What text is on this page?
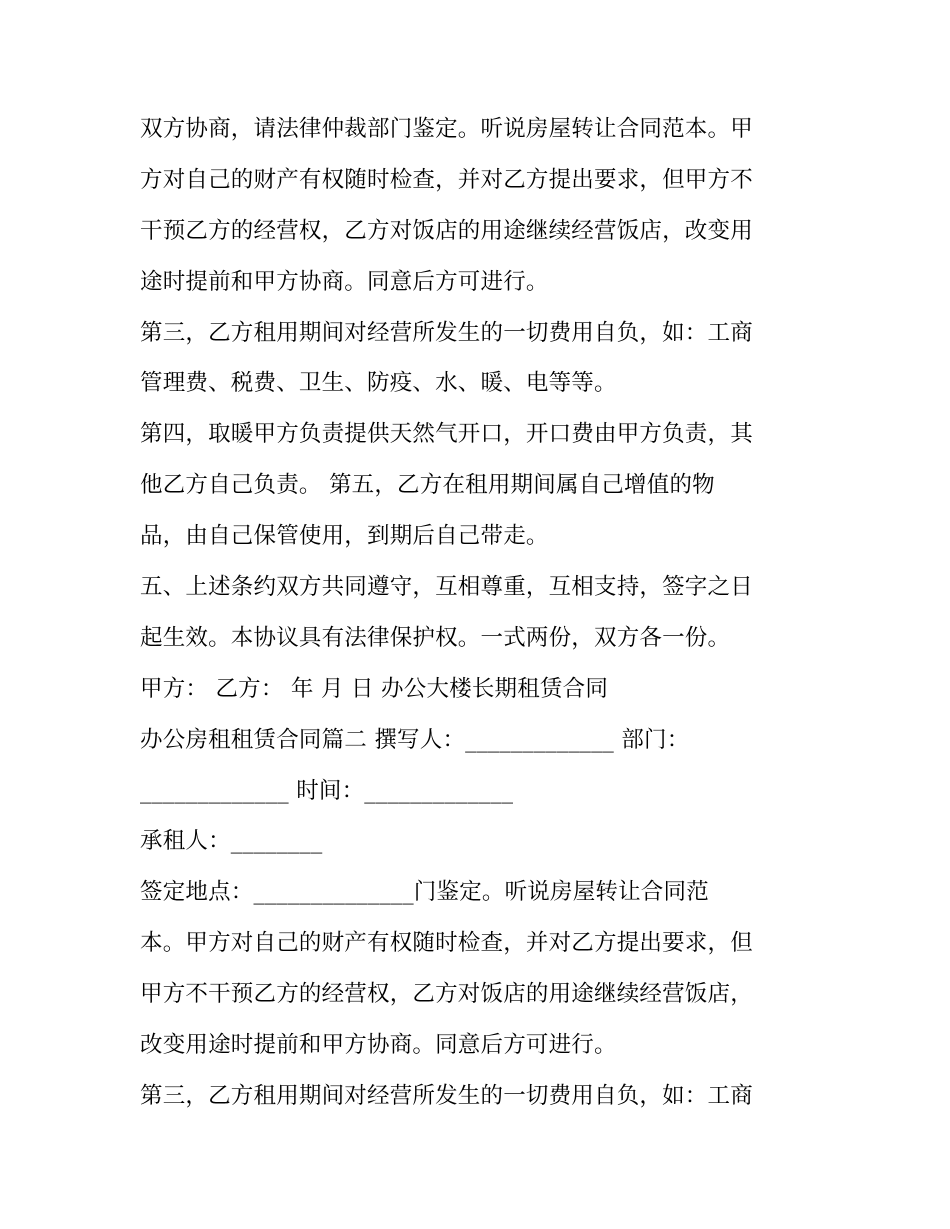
双方协商，请法律仲裁部门鉴定。听说房屋转让合同范本。甲
方对自己的财产有权随时检查，并对乙方提出要求，但甲方不
干预乙方的经营权，乙方对饭店的用途继续经营饭店，改变用
途时提前和甲方协商。同意后方可进行。
第三，乙方租用期间对经营所发生的一切费用自负，如：工商
管理费、税费、卫生、防疫、水、暖、电等等。
第四，取暖甲方负责提供天然气开口，开口费由甲方负责，其
他乙方自己负责。 第五，乙方在租用期间属自己增值的物
品，由自己保管使用，到期后自己带走。
五、上述条约双方共同遵守，互相尊重，互相支持，签字之日
起生效。本协议具有法律保护权。一式两份，双方各一份。
甲方： 乙方： 年 月 日 办公大楼长期租赁合同
办公房租租赁合同篇二 撰写人：_____________ 部门：
_____________ 时间：_____________
承租人：________
签定地点：______________门鉴定。听说房屋转让合同范
本。甲方对自己的财产有权随时检查，并对乙方提出要求，但
甲方不干预乙方的经营权，乙方对饭店的用途继续经营饭店，
改变用途时提前和甲方协商。同意后方可进行。
第三，乙方租用期间对经营所发生的一切费用自负，如：工商
